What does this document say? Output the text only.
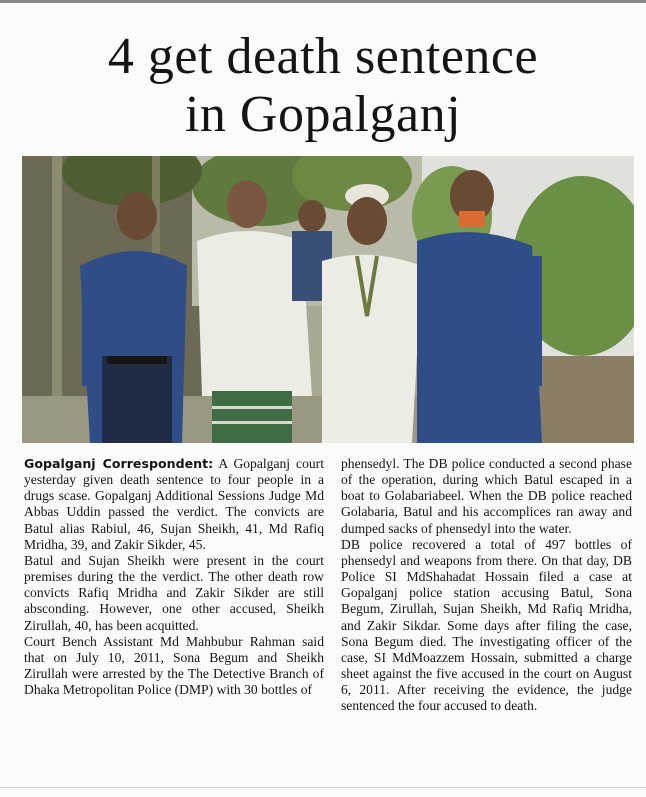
4 get death sentence
in Gopalganj

Gopalganj Correspondent: A Gopalganj court yesterday given death sentence to four people in a drugs scase. Gopalganj Additional Sessions Judge Md Abbas Uddin passed the verdict. The convicts are Batul alias Rabiul, 46, Sujan Sheikh, 41, Md Rafiq Mridha, 39, and Zakir Sikder, 45.

Batul and Sujan Sheikh were present in the court premises during the the verdict. The other death row convicts Rafiq Mridha and Zakir Sikder are still absconding. However, one other accused, Sheikh Zirullah, 40, has been acquitted.

Court Bench Assistant Md Mahbubur Rahman said that on July 10, 2011, Sona Begum and Sheikh Zirullah were arrested by the The Detective Branch of Dhaka Metropolitan Police (DMP) with 30 bottles of

phensedyl. The DB police conducted a second phase of the operation, during which Batul escaped in a boat to Golabariabeel. When the DB police reached Golabaria, Batul and his accomplices ran away and dumped sacks of phensedyl into the water.

DB police recovered a total of 497 bottles of phensedyl and weapons from there. On that day, DB Police SI MdShahadat Hossain filed a case at Gopalganj police station accusing Batul, Sona Begum, Zirullah, Sujan Sheikh, Md Rafiq Mridha, and Zakir Sikdar. Some days after filing the case, Sona Begum died. The investigating officer of the case, SI MdMoazzem Hossain, submitted a charge sheet against the five accused in the court on August 6, 2011. After receiving the evidence, the judge sentenced the four accused to death.
